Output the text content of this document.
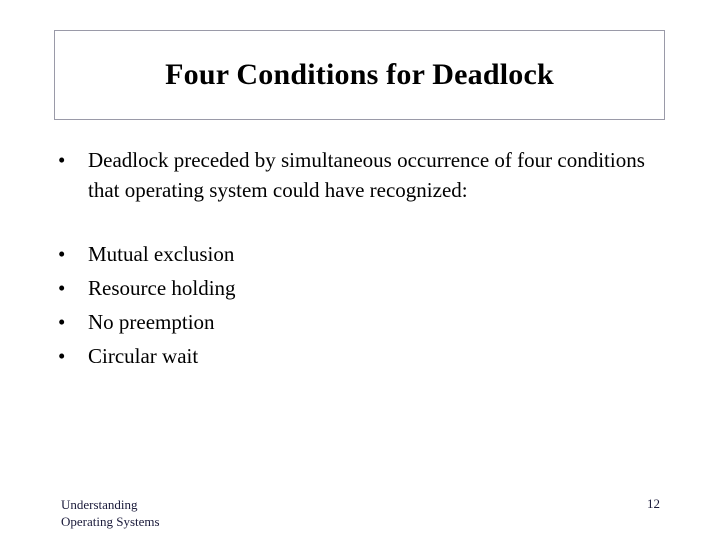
Four Conditions for Deadlock
• Deadlock preceded by simultaneous occurrence of four conditions that operating system could have recognized:
• Mutual exclusion
• Resource holding
• No preemption
• Circular wait
Understanding
Operating Systems
12
